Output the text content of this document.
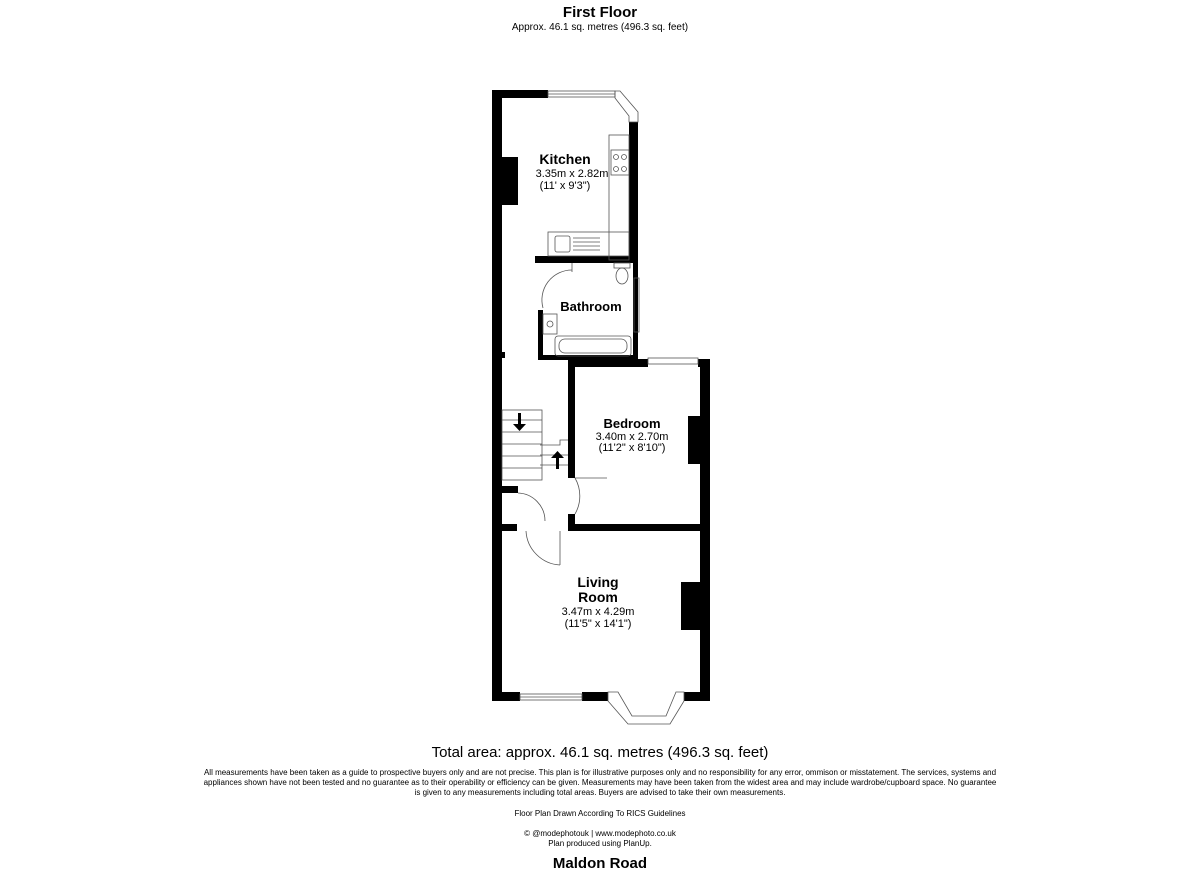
First Floor
Approx. 46.1 sq. metres (496.3 sq. feet)
Kitchen
3.35m x 2.82m
(11' x 9'3")
Bathroom
Bedroom
3.40m x 2.70m
(11'2" x 8'10")
Living
Room
3.47m x 4.29m
(11'5" x 14'1")
Total area: approx. 46.1 sq. metres (496.3 sq. feet)
All measurements have been taken as a guide to prospective buyers only and are not precise. This plan is for illustrative purposes only and no responsibility for any error, ommison or misstatement. The services, systems and appliances shown have not been tested and no guarantee as to their operability or efficiency can be given. Measurements may have been taken from the widest area and may include wardrobe/cupboard space. No guarantee is given to any measurements including total areas. Buyers are advised to take their own measurements.
Floor Plan Drawn According To RICS Guidelines
© @modephotouk | www.modephoto.co.uk
Plan produced using PlanUp.
Maldon Road
